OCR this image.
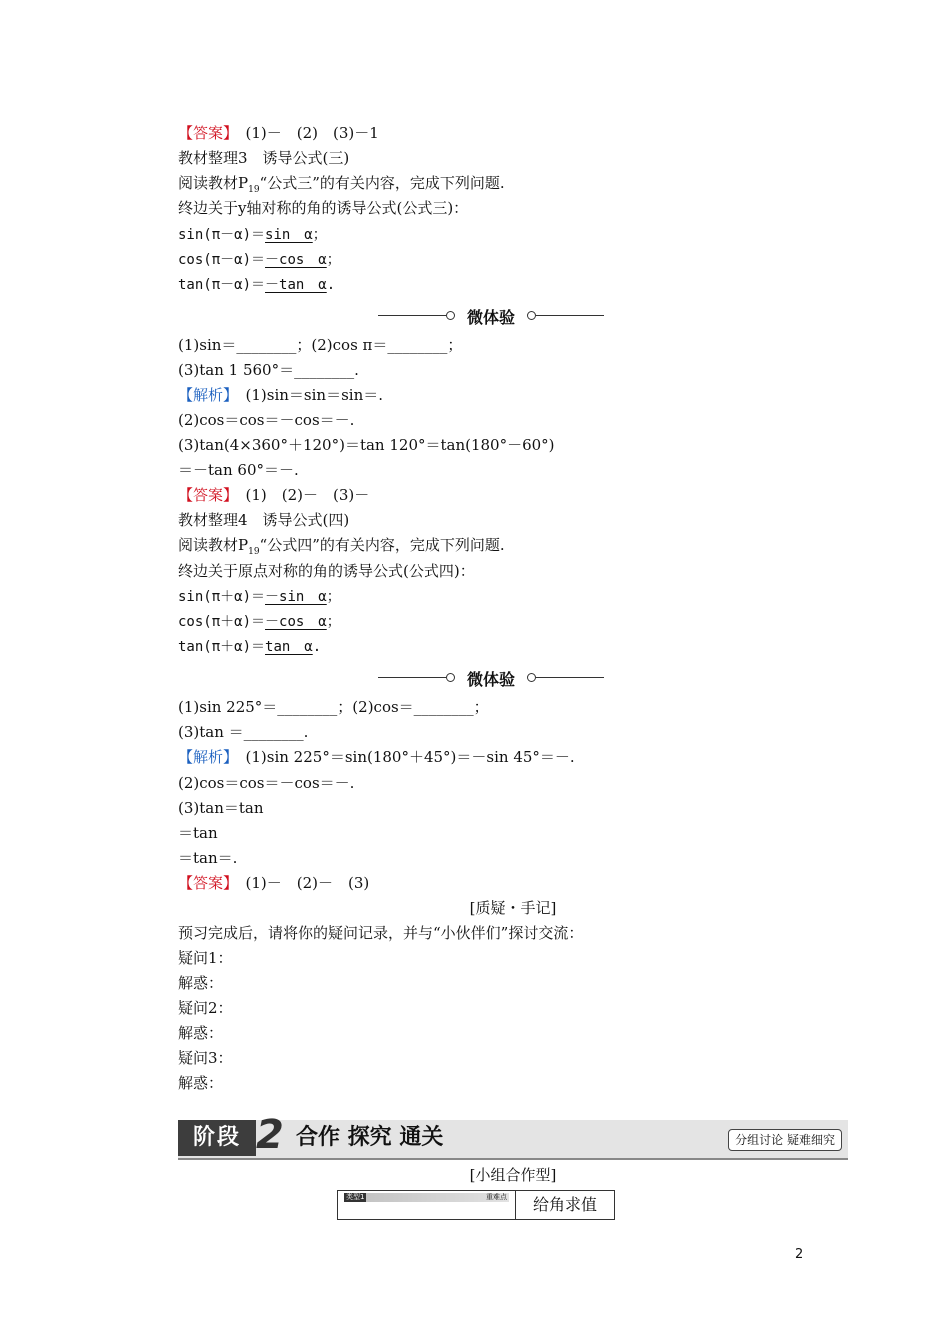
【答案】　(1)－　(2)　(3)－1
教材整理3　诱导公式(三)
阅读教材$P_{19}“$公式三”的有关内容，完成下列问题.
终边关于y轴对称的角的诱导公式(公式三)：
sin(π－α)＝sin　α；
cos(π－α)＝－cos　α；
tan(π－α)＝－tan　α.
(1)sin＝________；(2)cos π＝________；
(3)tan 1 560°＝________.
【解析】　(1)sin＝sin＝sin＝.
(2)cos＝cos＝－cos＝－.
(3)tan(4×360°＋120°)＝tan 120°＝tan(180°－60°)
＝－tan 60°＝－.
【答案】　(1)　(2)－　(3)－
教材整理4　诱导公式(四)
阅读教材$P_{19}“$公式四”的有关内容，完成下列问题.
终边关于原点对称的角的诱导公式(公式四)：
sin(π＋α)＝－sin　α；
cos(π＋α)＝－cos　α；
tan(π＋α)＝tan　α.
(1)sin 225°＝________；(2)cos＝________；
(3)tan ＝________.
【解析】　(1)sin 225°＝sin(180°＋45°)＝－sin 45°＝－.
(2)cos＝cos＝－cos＝－.
(3)tan＝tan
＝tan
＝tan＝.
【答案】　(1)－　(2)－　(3)
预习完成后，请将你的疑问记录，并与“小伙伴们”探讨交流：
疑问1：
解惑：
疑问2：
解惑：
疑问3：
解惑：
微体验
微体验
[质疑・手记]
阶段 2 合作 探究 通关	分组讨论 疑难细究
[小组合作型]
类型1	重难点	给角求值
2
